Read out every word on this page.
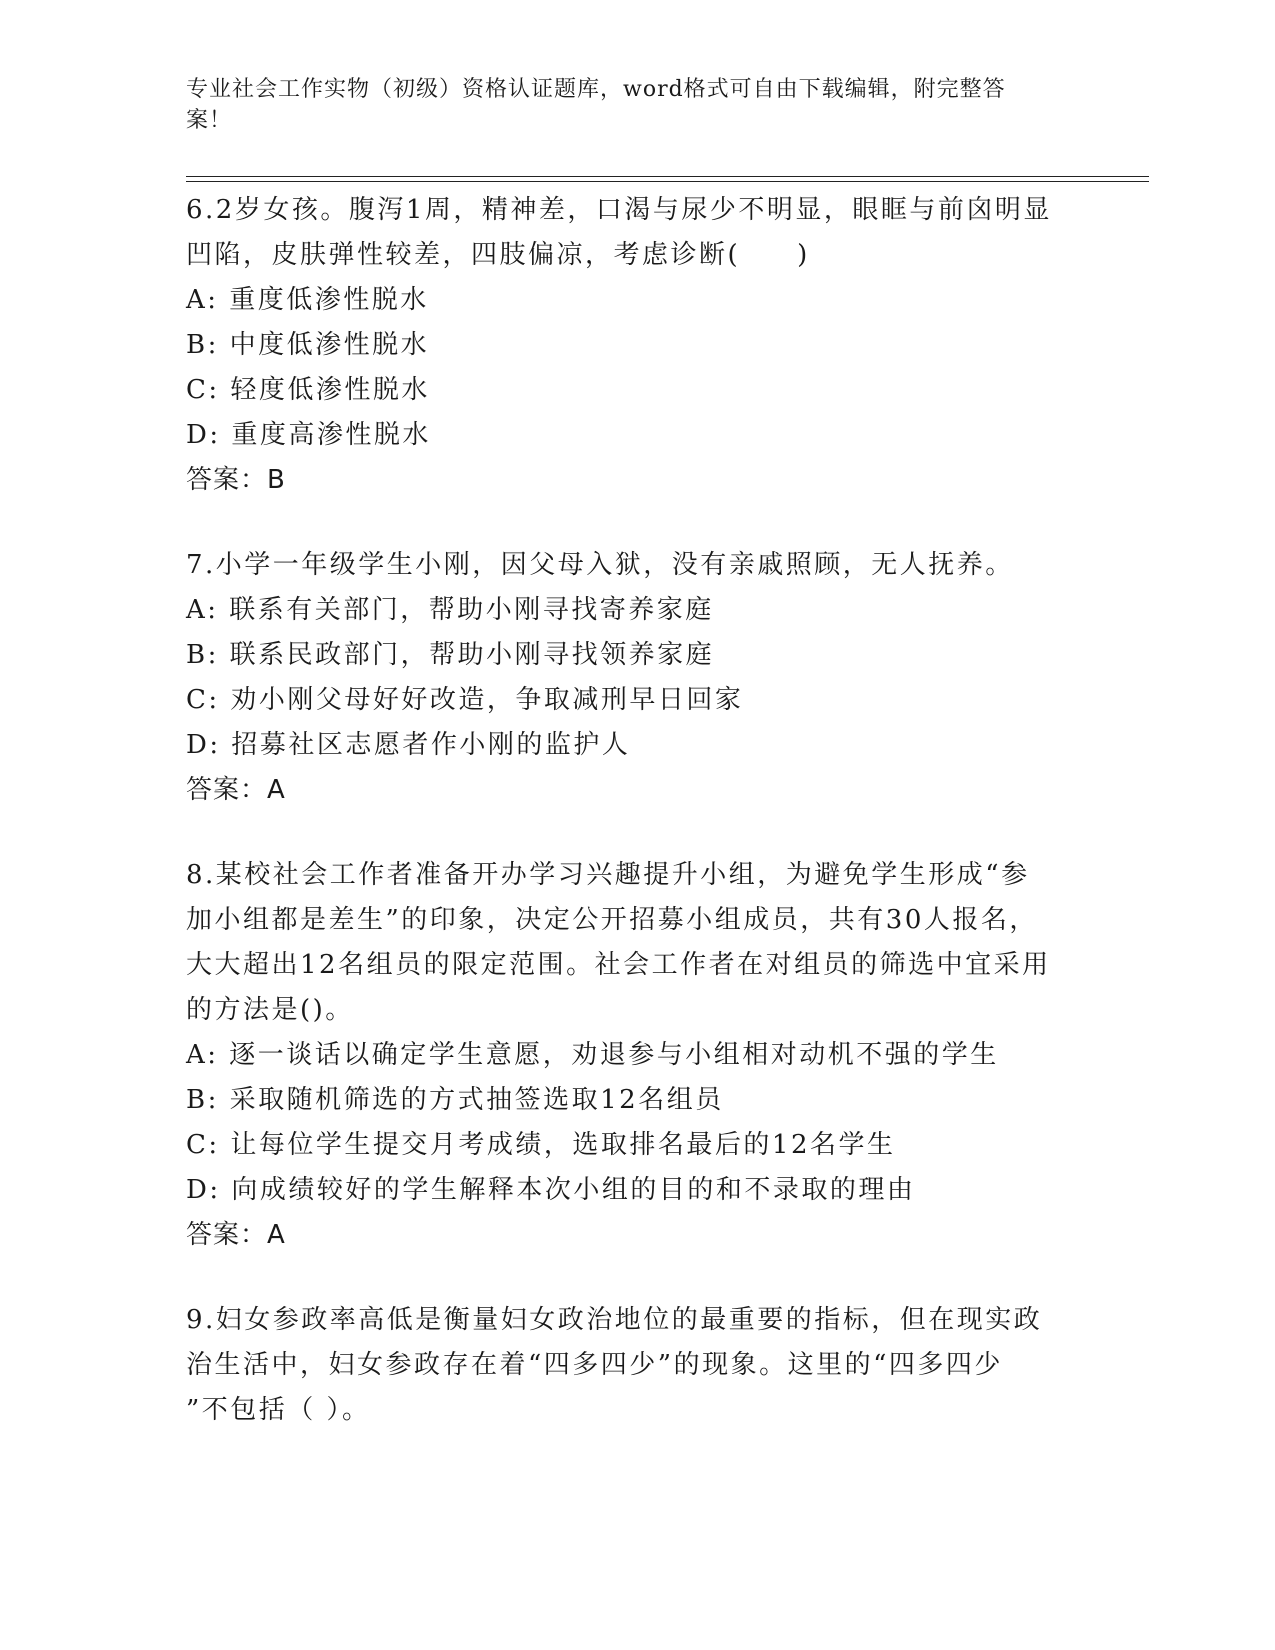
专业社会工作实物（初级）资格认证题库，word格式可自由下载编辑，附完整答
案！

6.2岁女孩。腹泻1周，精神差，口渴与尿少不明显，眼眶与前囟明显

凹陷，皮肤弹性较差，四肢偏凉，考虑诊断(　　)

A: 重度低渗性脱水

B: 中度低渗性脱水

C: 轻度低渗性脱水

D: 重度高渗性脱水

答案：B

7.小学一年级学生小刚，因父母入狱，没有亲戚照顾，无人抚养。

A: 联系有关部门，帮助小刚寻找寄养家庭

B: 联系民政部门，帮助小刚寻找领养家庭

C: 劝小刚父母好好改造，争取减刑早日回家

D: 招募社区志愿者作小刚的监护人

答案：A

8.某校社会工作者准备开办学习兴趣提升小组，为避免学生形成“参

加小组都是差生”的印象，决定公开招募小组成员，共有30人报名，

大大超出12名组员的限定范围。社会工作者在对组员的筛选中宜采用

的方法是()。

A: 逐一谈话以确定学生意愿，劝退参与小组相对动机不强的学生

B: 采取随机筛选的方式抽签选取12名组员

C: 让每位学生提交月考成绩，选取排名最后的12名学生

D: 向成绩较好的学生解释本次小组的目的和不录取的理由

答案：A

9.妇女参政率高低是衡量妇女政治地位的最重要的指标，但在现实政

治生活中，妇女参政存在着“四多四少”的现象。这里的“四多四少

”不包括（ ）。
